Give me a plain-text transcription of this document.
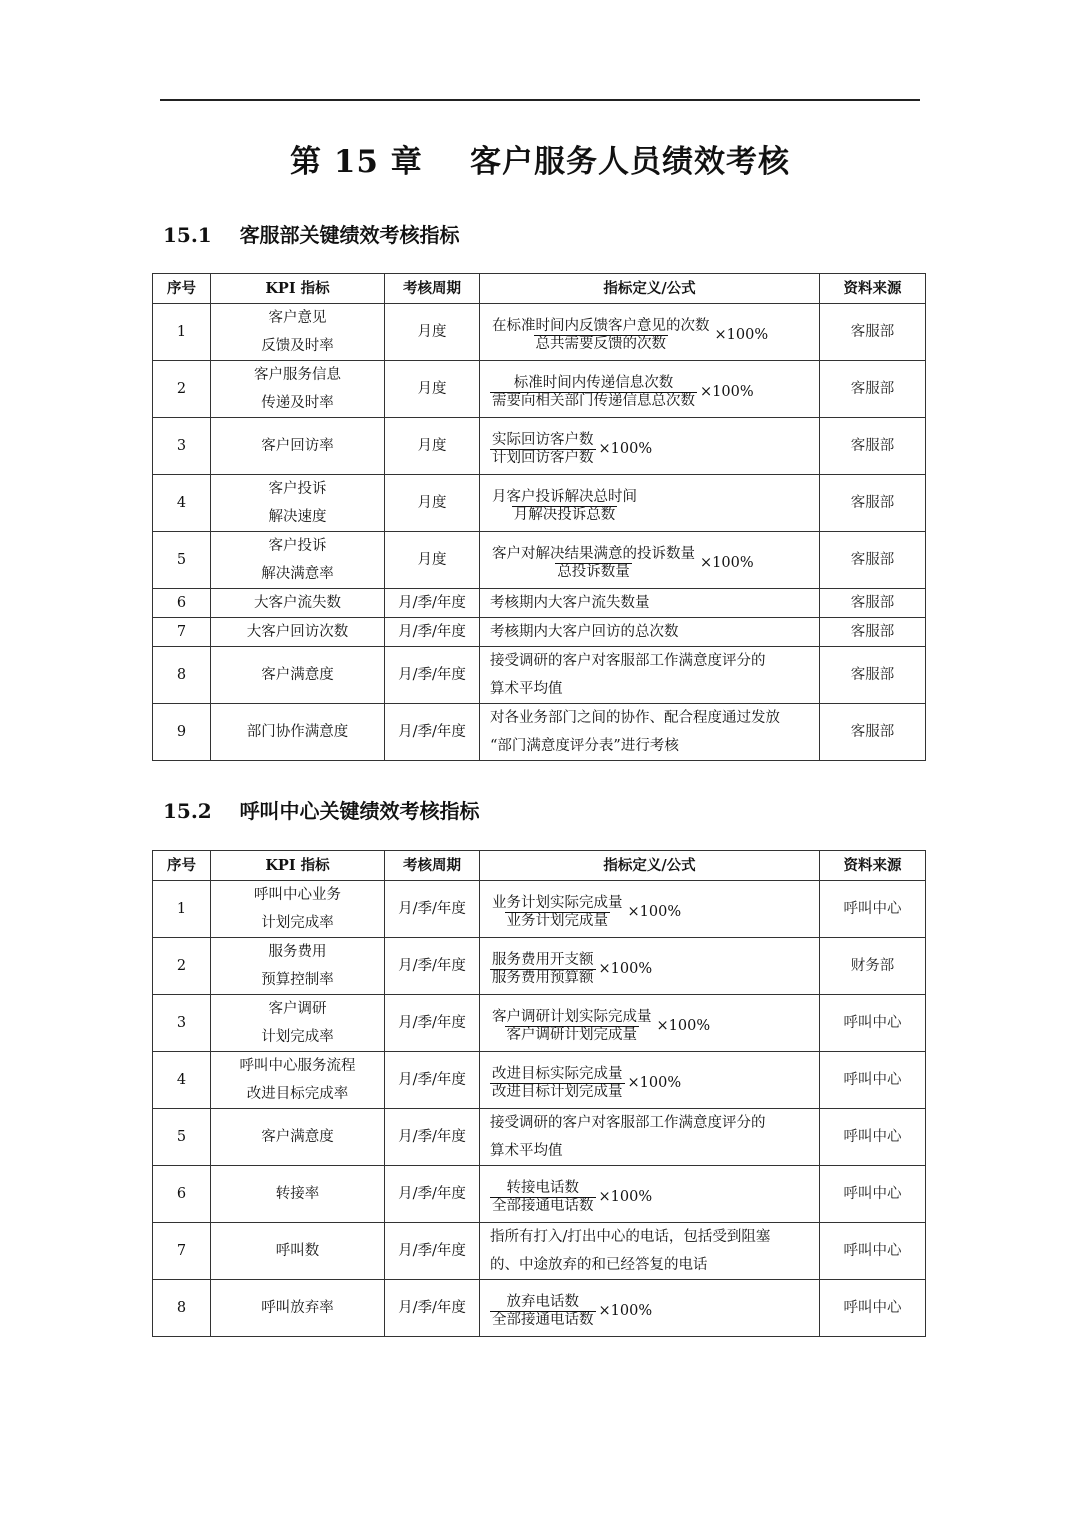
第 15 章    客户服务人员绩效考核
15.1    客服部关键绩效考核指标
序号	KPI 指标	考核周期	指标定义/公式	资料来源
1	客户意见
反馈及时率	月度	$\frac{\text{在标准时间内反馈客户意见的次数}}{\text{总共需要反馈的次数}} \times 100\%$	客服部
2	客户服务信息
传递及时率	月度	$\frac{\text{标准时间内传递信息次数}}{\text{需要向相关部门传递信息总次数}} \times 100\%$	客服部
3	客户回访率	月度	$\frac{\text{实际回访客户数}}{\text{计划回访客户数}} \times 100\%$	客服部
4	客户投诉
解决速度	月度	$\frac{\text{月客户投诉解决总时间}}{\text{月解决投诉总数}}$	客服部
5	客户投诉
解决满意率	月度	$\frac{\text{客户对解决结果满意的投诉数量}}{\text{总投诉数量}} \times 100\%$	客服部
6	大客户流失数	月/季/年度	考核期内大客户流失数量	客服部
7	大客户回访次数	月/季/年度	考核期内大客户回访的总次数	客服部
8	客户满意度	月/季/年度	接受调研的客户对客服部工作满意度评分的
算术平均值	客服部
9	部门协作满意度	月/季/年度	对各业务部门之间的协作、配合程度通过发放
“部门满意度评分表”进行考核	客服部
15.2    呼叫中心关键绩效考核指标
序号	KPI 指标	考核周期	指标定义/公式	资料来源
1	呼叫中心业务
计划完成率	月/季/年度	$\frac{\text{业务计划实际完成量}}{\text{业务计划完成量}} \times 100\%$	呼叫中心
2	服务费用
预算控制率	月/季/年度	$\frac{\text{服务费用开支额}}{\text{服务费用预算额}} \times 100\%$	财务部
3	客户调研
计划完成率	月/季/年度	$\frac{\text{客户调研计划实际完成量}}{\text{客户调研计划完成量}} \times 100\%$	呼叫中心
4	呼叫中心服务流程
改进目标完成率	月/季/年度	$\frac{\text{改进目标实际完成量}}{\text{改进目标计划完成量}} \times 100\%$	呼叫中心
5	客户满意度	月/季/年度	接受调研的客户对客服部工作满意度评分的
算术平均值	呼叫中心
6	转接率	月/季/年度	$\frac{\text{转接电话数}}{\text{全部接通电话数}} \times 100\%$	呼叫中心
7	呼叫数	月/季/年度	指所有打入/打出中心的电话，包括受到阻塞
的、中途放弃的和已经答复的电话	呼叫中心
8	呼叫放弃率	月/季/年度	$\frac{\text{放弃电话数}}{\text{全部接通电话数}} \times 100\%$	呼叫中心
